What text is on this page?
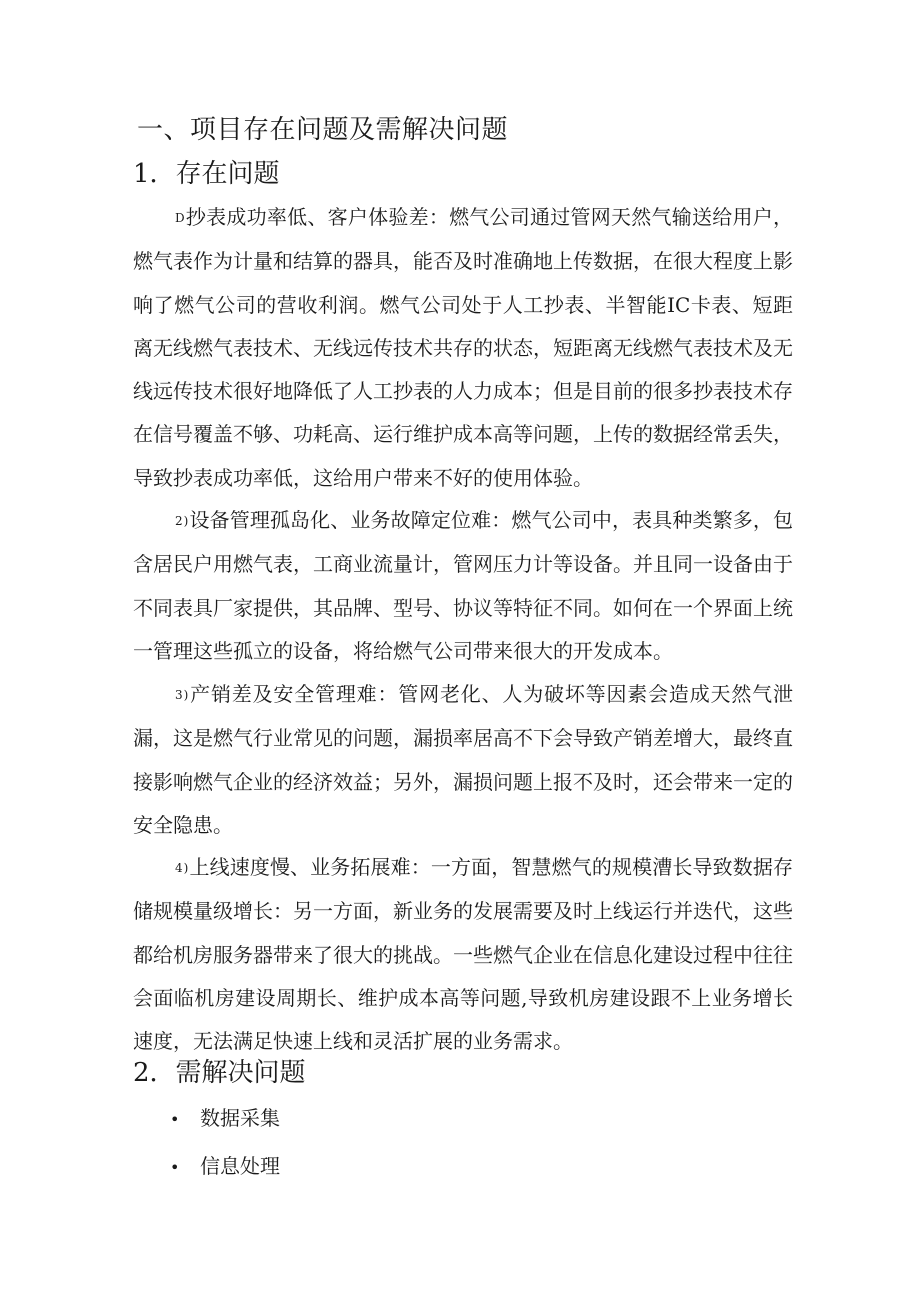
一、项目存在问题及需解决问题
1．存在问题

D抄表成功率低、客户体验差：燃气公司通过管网天然气输送给用户，燃气表作为计量和结算的器具，能否及时准确地上传数据，在很大程度上影响了燃气公司的营收利润。燃气公司处于人工抄表、半智能IC卡表、短距离无线燃气表技术、无线远传技术共存的状态，短距离无线燃气表技术及无线远传技术很好地降低了人工抄表的人力成本；但是目前的很多抄表技术存在信号覆盖不够、功耗高、运行维护成本高等问题，上传的数据经常丢失，导致抄表成功率低，这给用户带来不好的使用体验。

2)设备管理孤岛化、业务故障定位难：燃气公司中，表具种类繁多，包含居民户用燃气表，工商业流量计，管网压力计等设备。并且同一设备由于不同表具厂家提供，其品牌、型号、协议等特征不同。如何在一个界面上统一管理这些孤立的设备，将给燃气公司带来很大的开发成本。

3)产销差及安全管理难：管网老化、人为破坏等因素会造成天然气泄漏，这是燃气行业常见的问题，漏损率居高不下会导致产销差增大，最终直接影响燃气企业的经济效益；另外，漏损问题上报不及时，还会带来一定的安全隐患。

4)上线速度慢、业务拓展难：一方面，智慧燃气的规模漕长导致数据存储规模量级增长：另一方面，新业务的发展需要及时上线运行并迭代，这些都给机房服务器带来了很大的挑战。一些燃气企业在信息化建设过程中往往会面临机房建设周期长、维护成本高等问题,导致机房建设跟不上业务增长速度，无法满足快速上线和灵活扩展的业务需求。

2．需解决问题
• 数据采集
• 信息处理
